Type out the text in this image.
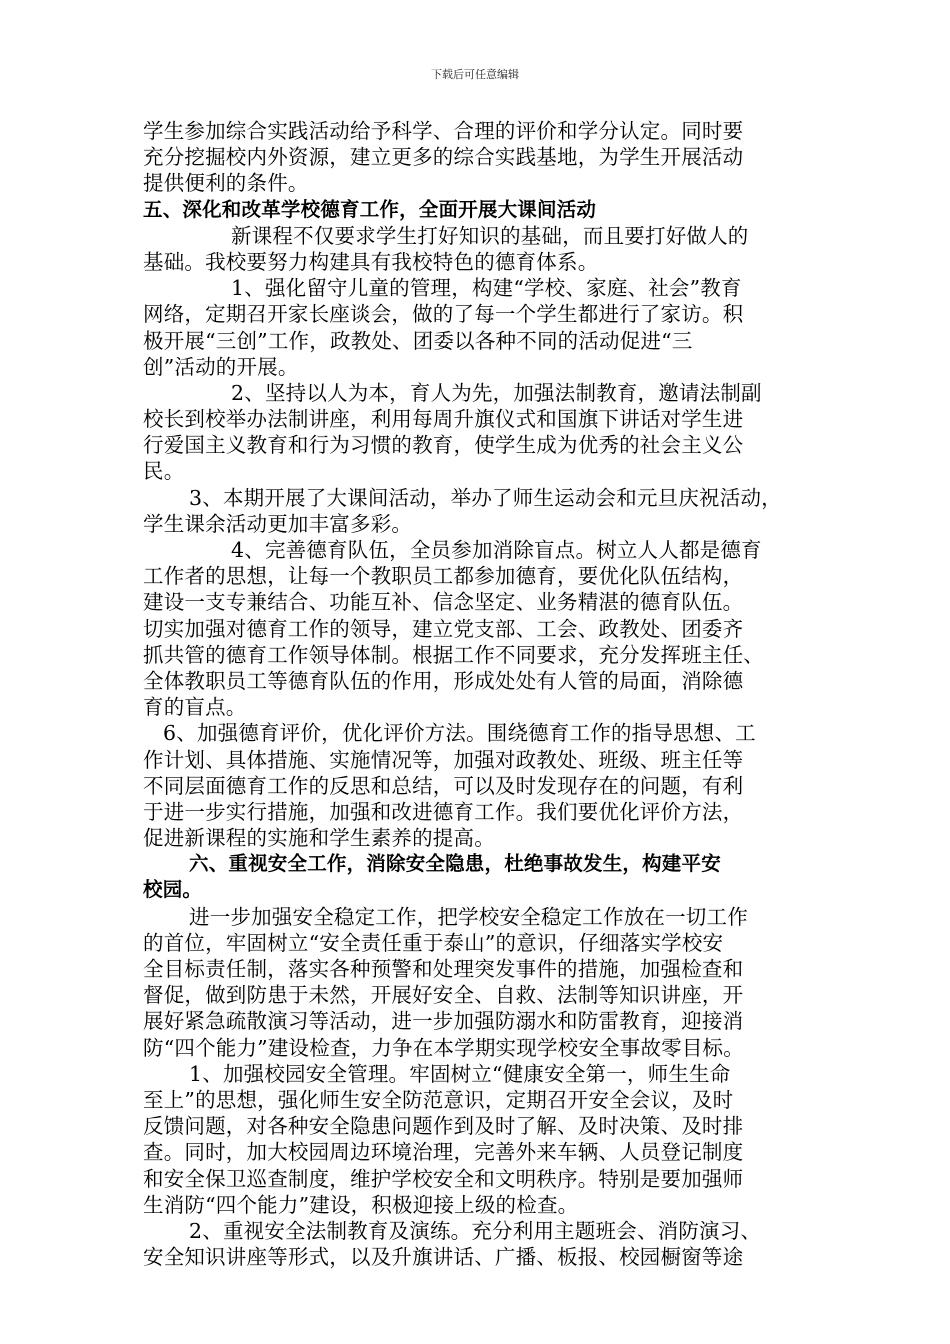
下载后可任意编辑
学生参加综合实践活动给予科学、合理的评价和学分认定。同时要
充分挖掘校内外资源，建立更多的综合实践基地，为学生开展活动
提供便利的条件。
五、深化和改革学校德育工作，全面开展大课间活动
新课程不仅要求学生打好知识的基础，而且要打好做人的
基础。我校要努力构建具有我校特色的德育体系。
1、强化留守儿童的管理，构建“学校、家庭、社会”教育
网络，定期召开家长座谈会，做的了每一个学生都进行了家访。积
极开展“三创”工作，政教处、团委以各种不同的活动促进“三
创”活动的开展。
2、坚持以人为本，育人为先，加强法制教育，邀请法制副
校长到校举办法制讲座，利用每周升旗仪式和国旗下讲话对学生进
行爱国主义教育和行为习惯的教育，使学生成为优秀的社会主义公
民。
3、本期开展了大课间活动，举办了师生运动会和元旦庆祝活动，
学生课余活动更加丰富多彩。
4、完善德育队伍，全员参加消除盲点。树立人人都是德育
工作者的思想，让每一个教职员工都参加德育，要优化队伍结构，
建设一支专兼结合、功能互补、信念坚定、业务精湛的德育队伍。
切实加强对德育工作的领导，建立党支部、工会、政教处、团委齐
抓共管的德育工作领导体制。根据工作不同要求，充分发挥班主任、
全体教职员工等德育队伍的作用，形成处处有人管的局面，消除德
育的盲点。
6、加强德育评价，优化评价方法。围绕德育工作的指导思想、工
作计划、具体措施、实施情况等，加强对政教处、班级、班主任等
不同层面德育工作的反思和总结，可以及时发现存在的问题，有利
于进一步实行措施，加强和改进德育工作。我们要优化评价方法，
促进新课程的实施和学生素养的提高。
六、重视安全工作，消除安全隐患，杜绝事故发生，构建平安
校园。
进一步加强安全稳定工作，把学校安全稳定工作放在一切工作
的首位，牢固树立“安全责任重于泰山”的意识，仔细落实学校安
全目标责任制，落实各种预警和处理突发事件的措施，加强检查和
督促，做到防患于未然，开展好安全、自救、法制等知识讲座，开
展好紧急疏散演习等活动，进一步加强防溺水和防雷教育，迎接消
防“四个能力”建设检查，力争在本学期实现学校安全事故零目标。
1、加强校园安全管理。牢固树立“健康安全第一，师生生命
至上”的思想，强化师生安全防范意识，定期召开安全会议，及时
反馈问题，对各种安全隐患问题作到及时了解、及时决策、及时排
查。同时，加大校园周边环境治理，完善外来车辆、人员登记制度
和安全保卫巡查制度，维护学校安全和文明秩序。特别是要加强师
生消防“四个能力”建设，积极迎接上级的检查。
2、重视安全法制教育及演练。充分利用主题班会、消防演习、
安全知识讲座等形式，以及升旗讲话、广播、板报、校园橱窗等途
